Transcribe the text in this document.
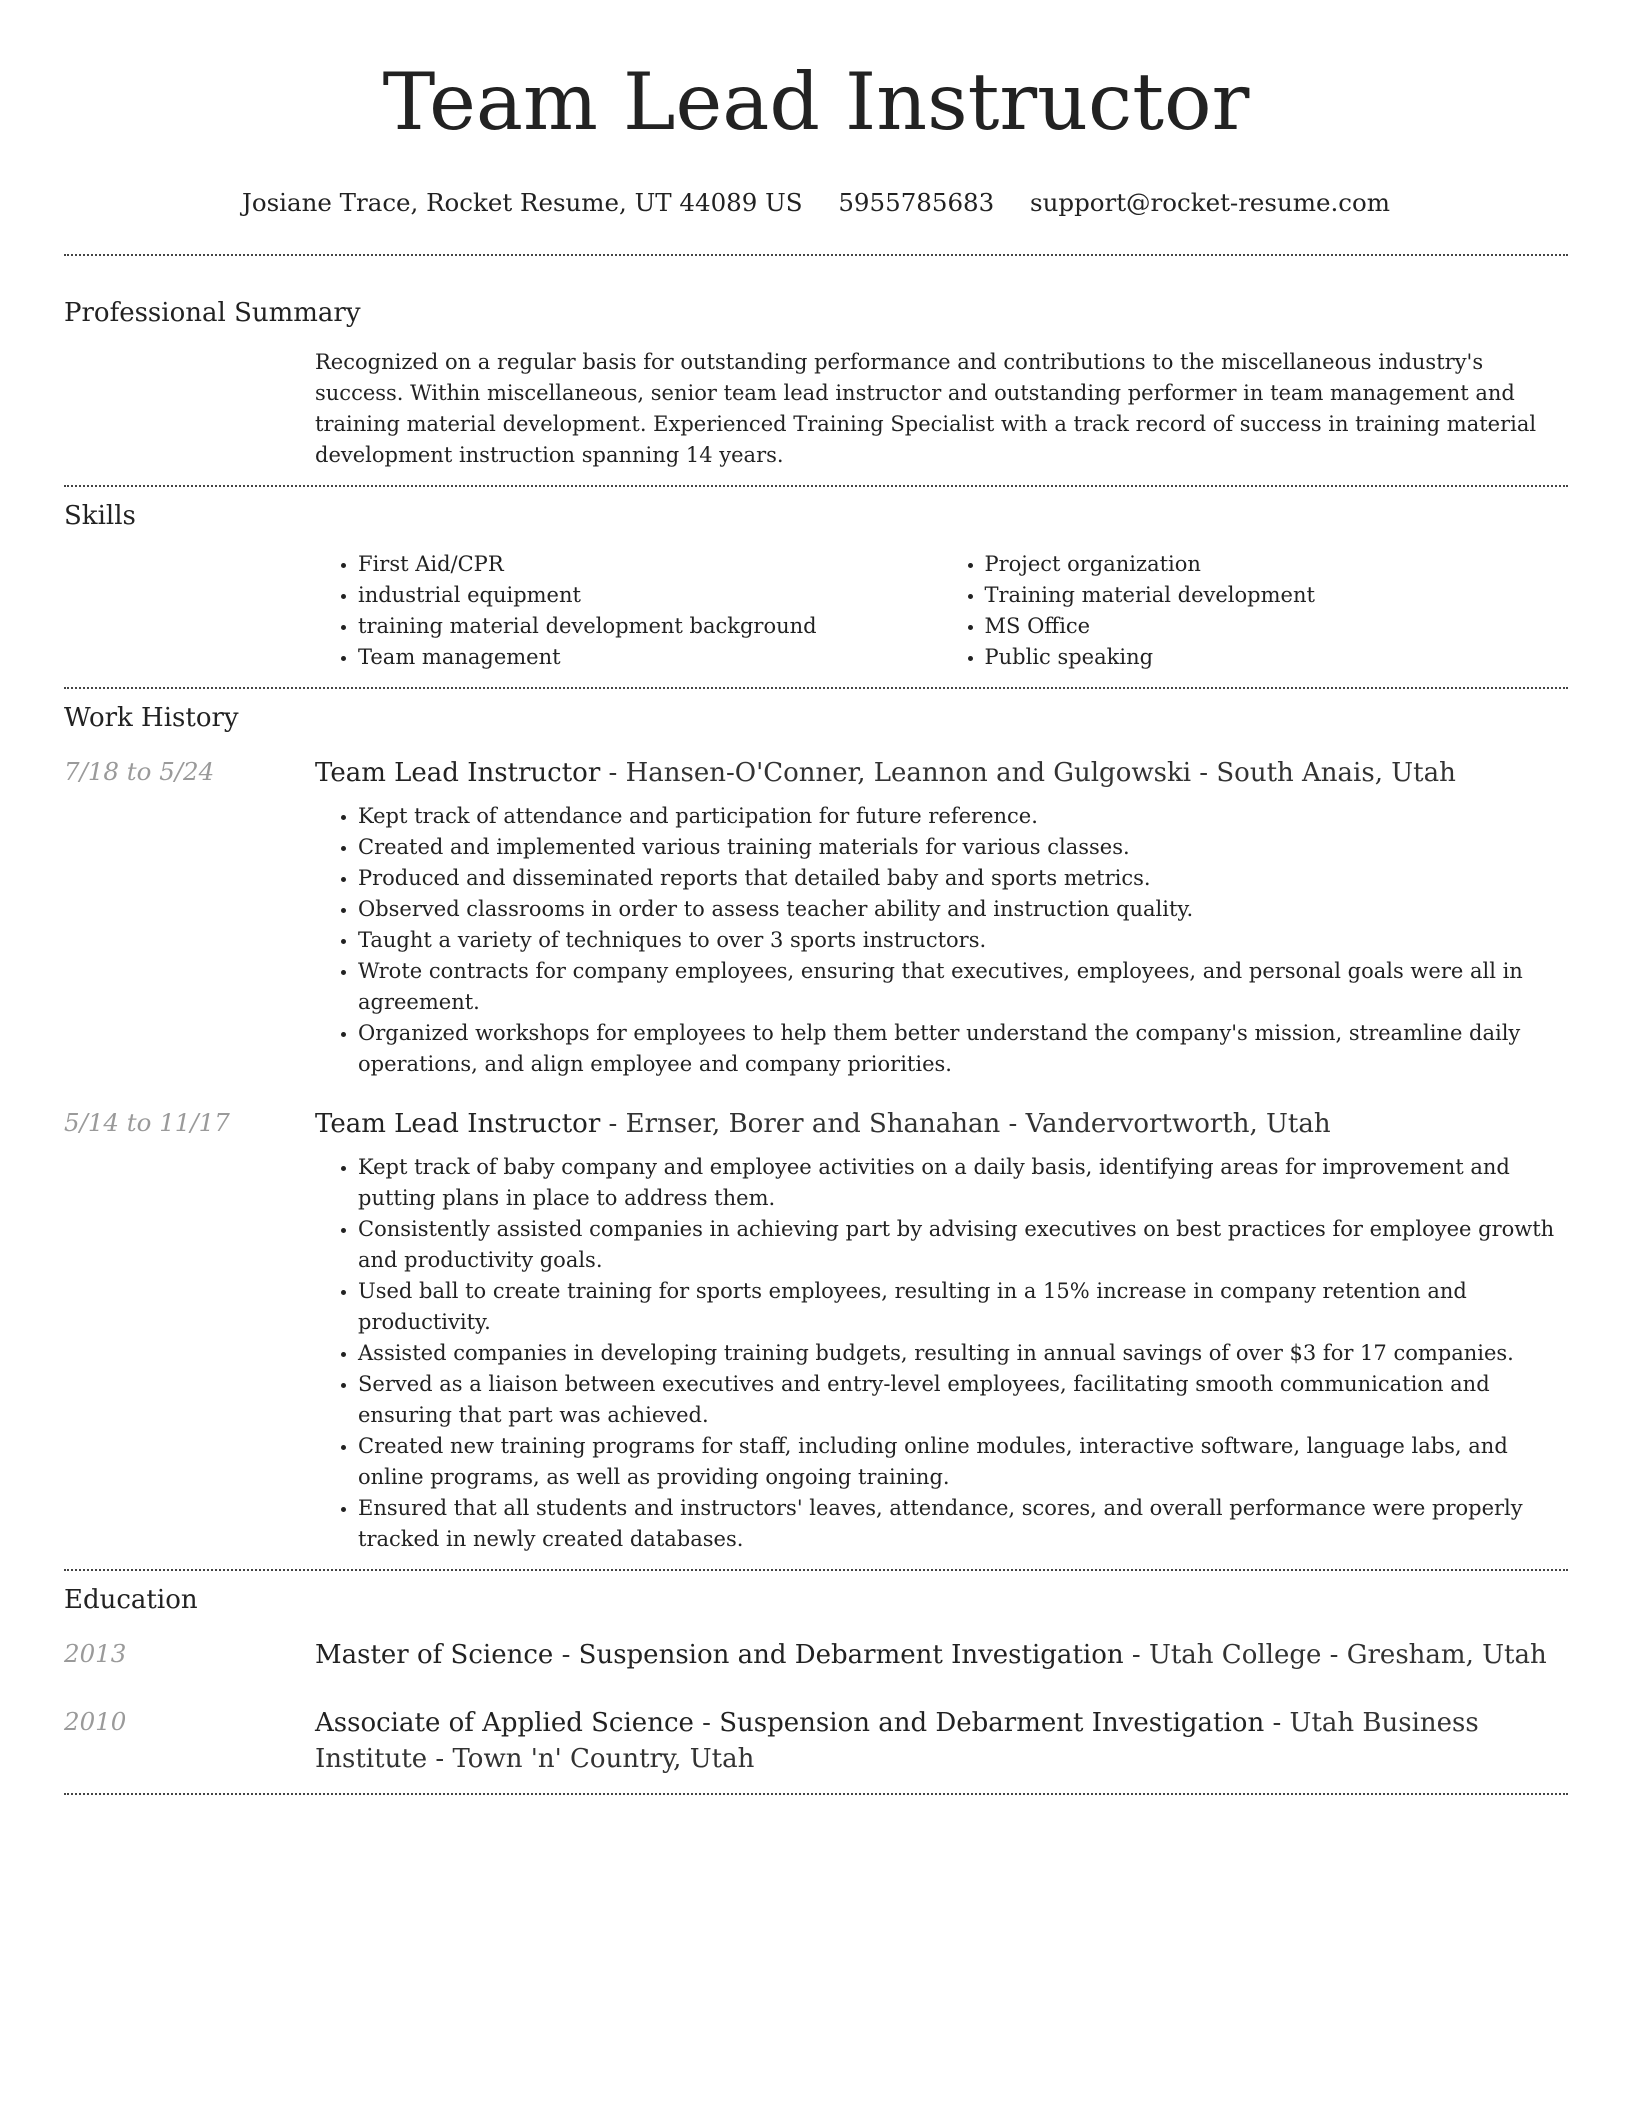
Team Lead Instructor
Josiane Trace, Rocket Resume, UT 44089 US 5955785683 support@rocket-resume.com
Professional Summary
Recognized on a regular basis for outstanding performance and contributions to the miscellaneous industry's success. Within miscellaneous, senior team lead instructor and outstanding performer in team management and training material development. Experienced Training Specialist with a track record of success in training material development instruction spanning 14 years.
Skills
• First Aid/CPR
• industrial equipment
• training material development background
• Team management
• Project organization
• Training material development
• MS Office
• Public speaking
Work History
7/18 to 5/24	Team Lead Instructor - Hansen-O'Conner, Leannon and Gulgowski - South Anais, Utah
• Kept track of attendance and participation for future reference.
• Created and implemented various training materials for various classes.
• Produced and disseminated reports that detailed baby and sports metrics.
• Observed classrooms in order to assess teacher ability and instruction quality.
• Taught a variety of techniques to over 3 sports instructors.
• Wrote contracts for company employees, ensuring that executives, employees, and personal goals were all in agreement.
• Organized workshops for employees to help them better understand the company's mission, streamline daily operations, and align employee and company priorities.
5/14 to 11/17	Team Lead Instructor - Ernser, Borer and Shanahan - Vandervortworth, Utah
• Kept track of baby company and employee activities on a daily basis, identifying areas for improvement and putting plans in place to address them.
• Consistently assisted companies in achieving part by advising executives on best practices for employee growth and productivity goals.
• Used ball to create training for sports employees, resulting in a 15% increase in company retention and productivity.
• Assisted companies in developing training budgets, resulting in annual savings of over $3 for 17 companies.
• Served as a liaison between executives and entry-level employees, facilitating smooth communication and ensuring that part was achieved.
• Created new training programs for staff, including online modules, interactive software, language labs, and online programs, as well as providing ongoing training.
• Ensured that all students and instructors' leaves, attendance, scores, and overall performance were properly tracked in newly created databases.
Education
2013	Master of Science - Suspension and Debarment Investigation - Utah College - Gresham, Utah
2010	Associate of Applied Science - Suspension and Debarment Investigation - Utah Business Institute - Town 'n' Country, Utah
